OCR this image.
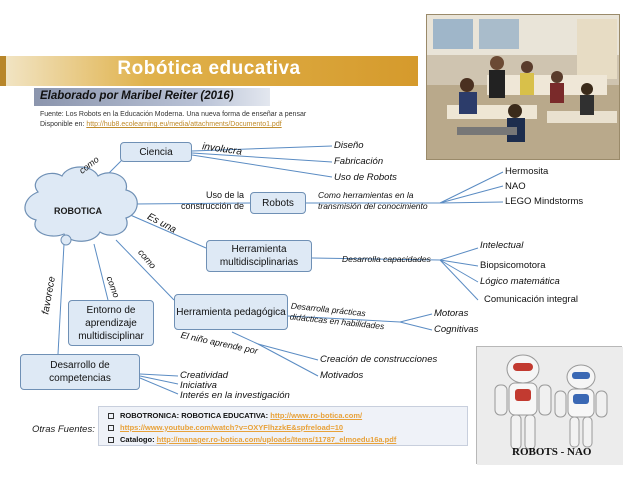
Robótica educativa
Elaborado por Maribel Reiter (2016)
Fuente: Los Robots en la Educación Moderna. Una nueva forma de enseñar a pensar
Disponible en: http://hub8.ecolearning.eu/media/attachments/Documento1.pdf
ROBOTICA
Ciencia
Robots
Herramienta multidisciplinarias
Herramienta pedagógica
Entorno de aprendizaje multidisciplinar
Desarrollo de competencias
como
involucra
Uso de la construcción de
Es una
como
como
favorece
Como herramientas en la transmisión del conocimiento
Desarrolla capacidades
Desarrolla prácticas didácticas en habilidades
El niño aprende por
Diseño
Fabricación
Uso de Robots
Hermosita
NAO
LEGO Mindstorms
Intelectual
Biopsicomotora
Lógico matemática
Comunicación integral
Motoras
Cognitivas
Creación de construcciones
Motivados
Creatividad
Iniciativa
Interés en la investigación
Otras Fuentes:
ROBOTRONICA: ROBOTICA EDUCATIVA: http://www.ro-botica.com/
https://www.youtube.com/watch?v=OXYFlhzzkE&spfreload=10
Catalogo: http://manager.ro-botica.com/uploads/Items/11787_elmoedu16a.pdf
ROBOTS - NAO
